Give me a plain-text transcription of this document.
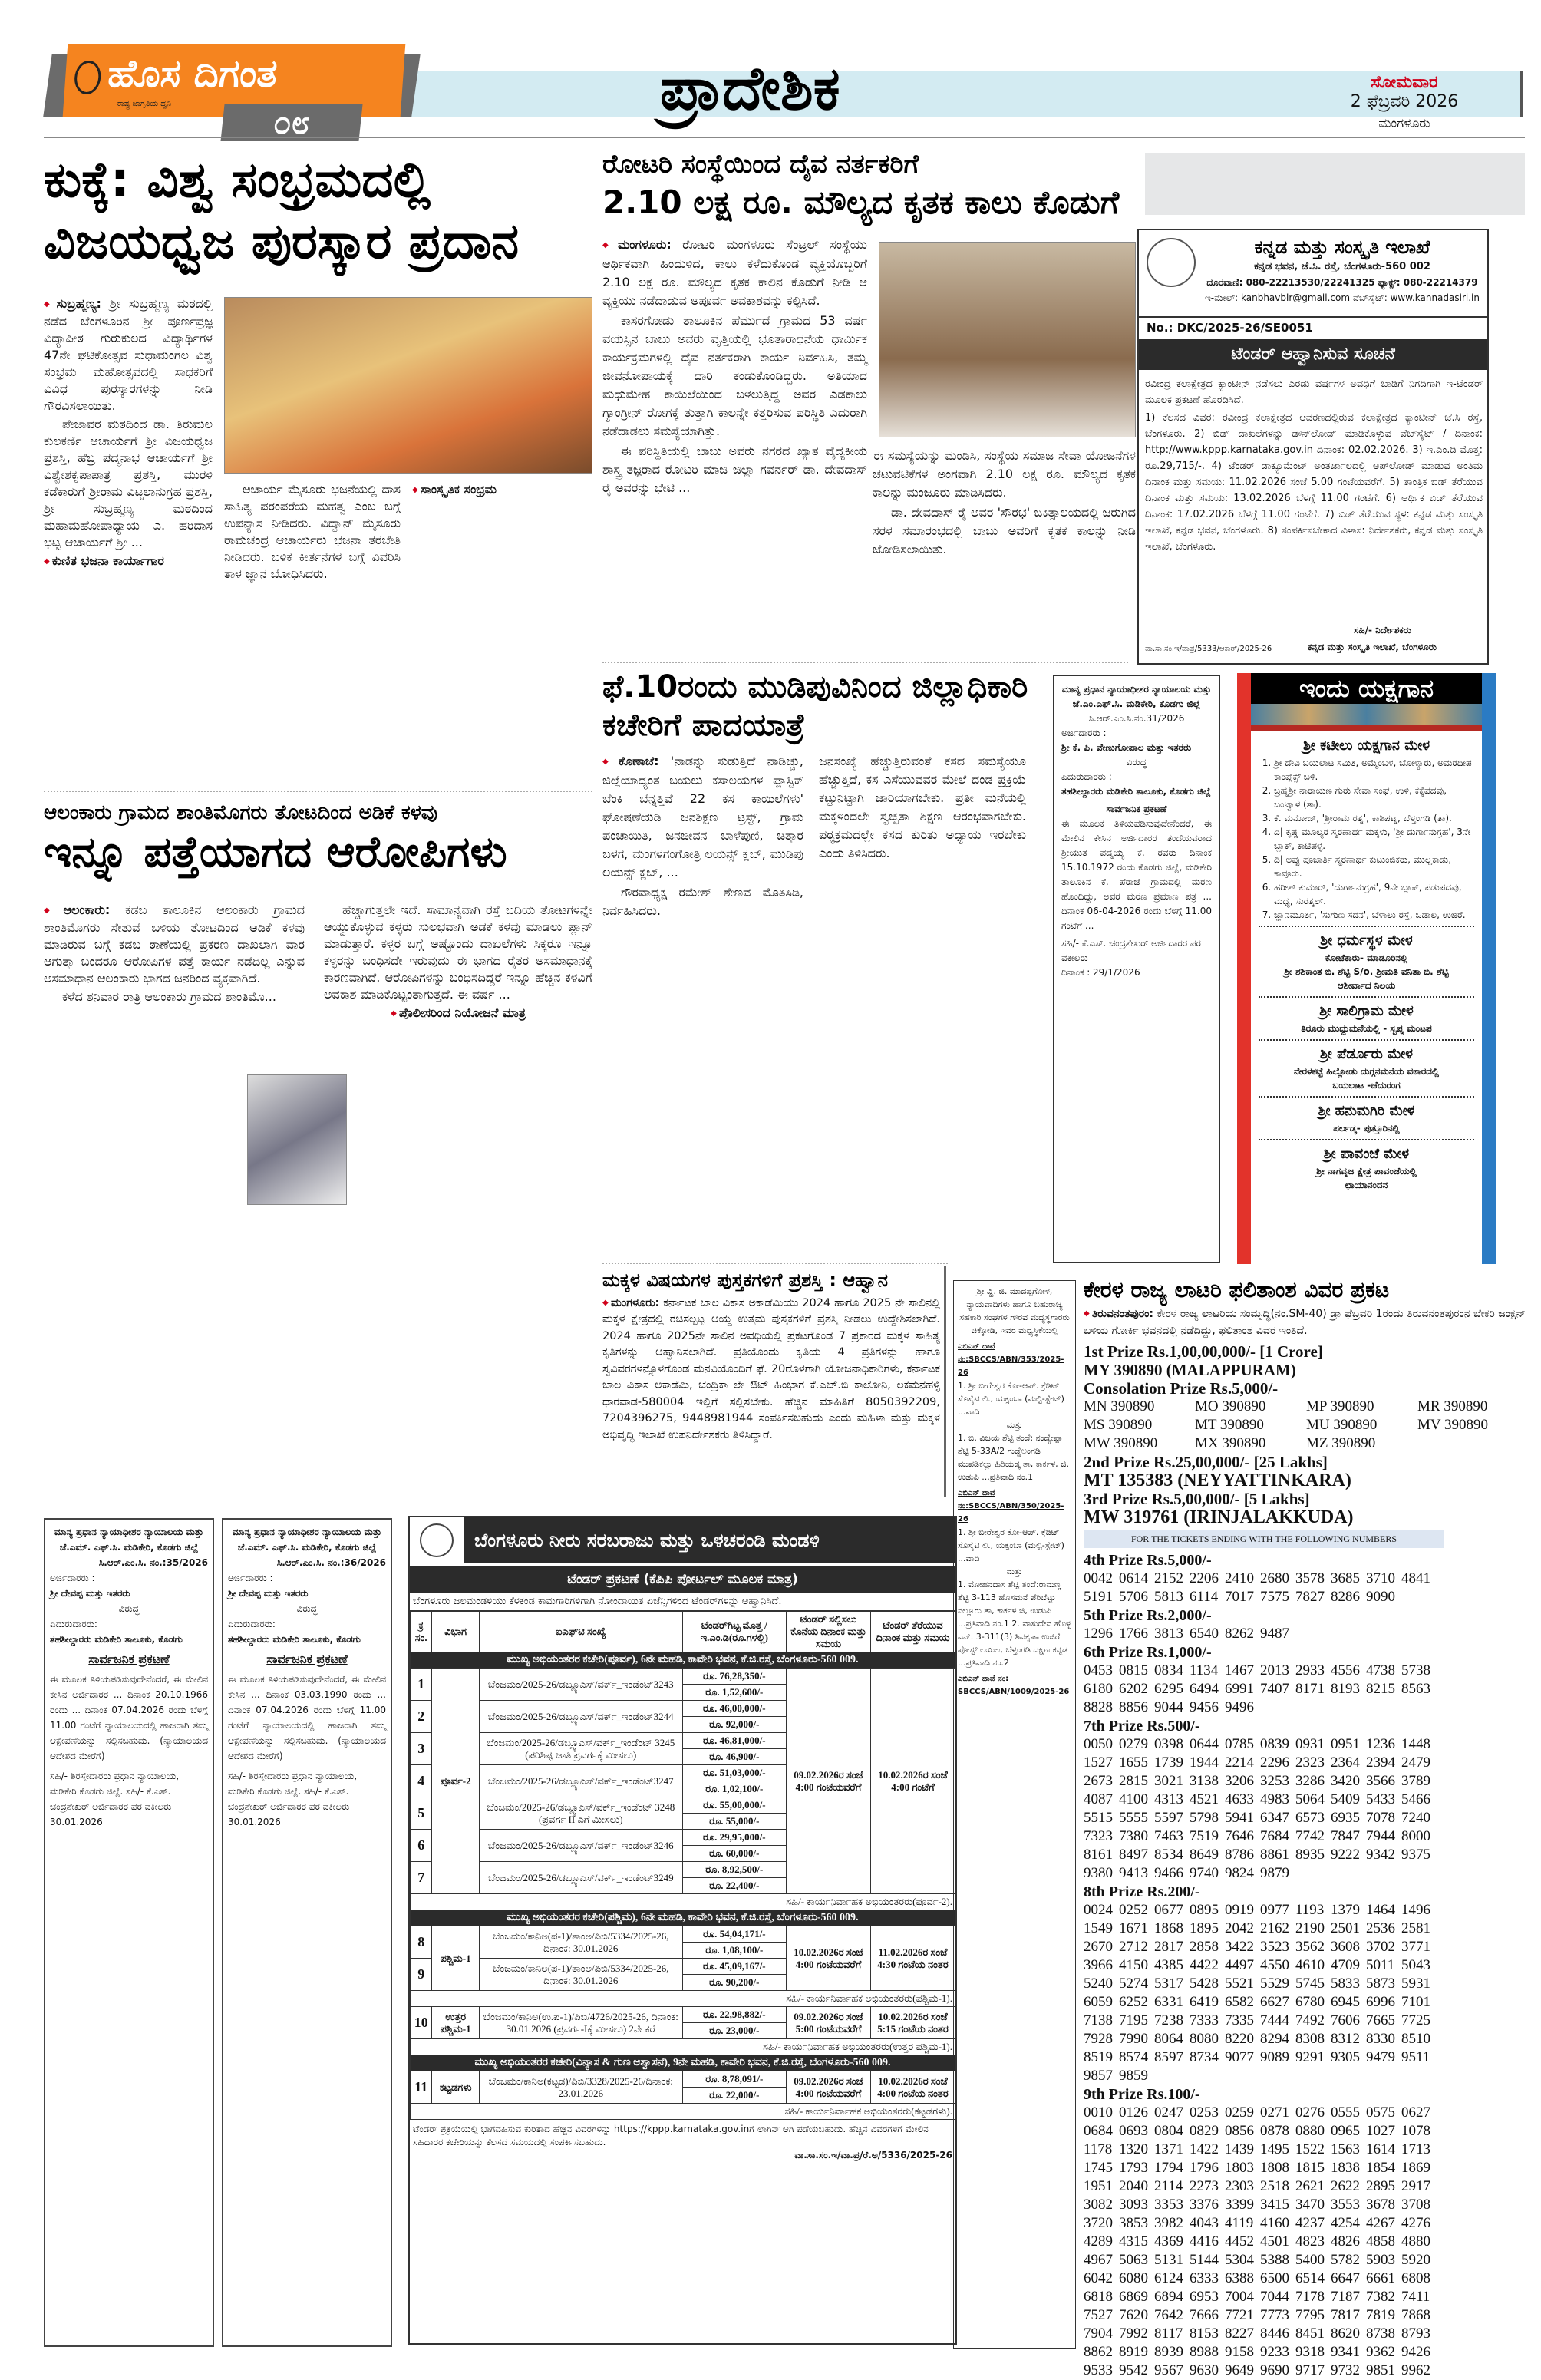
ಹೊಸ ದಿಗಂತ
ರಾಷ್ಟ್ರ ಜಾಗೃತಿಯ ಧ್ವನಿ	೦೮	ಪ್ರಾದೇಶಿಕ	ಸೋಮವಾರ
2 ಫೆಬ್ರವರಿ 2026
ಮಂಗಳೂರು
ಕುಕ್ಕೆ: ವಿಶ್ವ ಸಂಭ್ರಮದಲ್ಲಿ ವಿಜಯಧ್ವಜ ಪುರಸ್ಕಾರ ಪ್ರದಾನ

◆ ಸುಬ್ರಹ್ಮಣ್ಯ: ಶ್ರೀ ಸುಬ್ರಹ್ಮಣ್ಯ ಮಠದಲ್ಲಿ ನಡೆದ ಬೆಂಗಳೂರಿನ ಶ್ರೀ ಪೂರ್ಣಪ್ರಜ್ಞ ವಿದ್ಯಾಪೀಠ ಗುರುಕುಲದ ವಿದ್ಯಾರ್ಥಿಗಳ 47ನೇ ಘಟಿಕೋತ್ಸವ ಸುಧಾಮಂಗಲ ವಿಶ್ವ ಸಂಭ್ರಮ ಮಹೋತ್ಸವದಲ್ಲಿ ಸಾಧಕರಿಗೆ ವಿವಿಧ ಪುರಸ್ಕಾರಗಳನ್ನು ನೀಡಿ ಗೌರವಿಸಲಾಯಿತು.

ಪೇಜಾವರ ಮಠದಿಂದ ಡಾ. ತಿರುಮಲ ಕುಲಕರ್ಣಿ ಆಚಾರ್ಯಗೆ ಶ್ರೀ ವಿಜಯಧ್ವಜ ಪ್ರಶಸ್ತಿ, ಹೆಬ್ರಿ ಪದ್ಮನಾಭ ಆಚಾರ್ಯಗೆ ಶ್ರೀ ವಿಶ್ವೇಶಕೃಪಾಪಾತ್ರ ಪ್ರಶಸ್ತಿ, ಮುರಳಿ ಕಡೆಕಾರುಗೆ ಶ್ರೀರಾಮ ವಿಟ್ಠಲಾನುಗ್ರಹ ಪ್ರಶಸ್ತಿ, ಶ್ರೀ ಸುಬ್ರಹ್ಮಣ್ಯ ಮಠದಿಂದ ಮಹಾಮಹೋಪಾಧ್ಯಾಯ ಎ. ಹರಿದಾಸ ಭಟ್ಟ ಆಚಾರ್ಯಗೆ ಶ್ರೀ ...

◆ ಕುಣಿತ ಭಜನಾ ಕಾರ್ಯಾಗಾರ

ಆಚಾರ್ಯ ಮೈಸೂರು ಭಜನೆಯಲ್ಲಿ ದಾಸ ಸಾಹಿತ್ಯ ಪರಂಪರೆಯ ಮಹತ್ವ ಎಂಬ ಬಗ್ಗೆ ಉಪನ್ಯಾಸ ನೀಡಿದರು. ವಿದ್ವಾನ್ ಮೈಸೂರು ರಾಮಚಂದ್ರ ಆಚಾರ್ಯರು ಭಜನಾ ತರಬೇತಿ ನೀಡಿದರು. ಬಳಿಕ ಕೀರ್ತನೆಗಳ ಬಗ್ಗೆ ವಿವರಿಸಿ ತಾಳ ಜ್ಞಾನ ಬೋಧಿಸಿದರು.

◆ ಸಾಂಸ್ಕೃತಿಕ ಸಂಭ್ರಮ

ಆಲಂಕಾರು ಗ್ರಾಮದ ಶಾಂತಿಮೊಗರು ತೋಟದಿಂದ ಅಡಿಕೆ ಕಳವು
ಇನ್ನೂ ಪತ್ತೆಯಾಗದ ಆರೋಪಿಗಳು

◆ ಆಲಂಕಾರು: ಕಡಬ ತಾಲೂಕಿನ ಆಲಂಕಾರು ಗ್ರಾಮದ ಶಾಂತಿಮೊಗರು ಸೇತುವೆ ಬಳಿಯ ತೋಟದಿಂದ ಅಡಿಕೆ ಕಳವು ಮಾಡಿರುವ ಬಗ್ಗೆ ಕಡಬ ಠಾಣೆಯಲ್ಲಿ ಪ್ರಕರಣ ದಾಖಲಾಗಿ ವಾರ ಆಗುತ್ತಾ ಬಂದರೂ ಆರೋಪಿಗಳ ಪತ್ತೆ ಕಾರ್ಯ ನಡೆದಿಲ್ಲ ಎನ್ನುವ ಅಸಮಾಧಾನ ಆಲಂಕಾರು ಭಾಗದ ಜನರಿಂದ ವ್ಯಕ್ತವಾಗಿದೆ.

ಕಳೆದ ಶನಿವಾರ ರಾತ್ರಿ ಆಲಂಕಾರು ಗ್ರಾಮದ ಶಾಂತಿಮೊ...

ಹೆಚ್ಚಾಗುತ್ತಲೇ ಇದೆ. ಸಾಮಾನ್ಯವಾಗಿ ರಸ್ತೆ ಬದಿಯ ತೋಟಗಳನ್ನೇ ಆಯ್ದುಕೊಳ್ಳುವ ಕಳ್ಳರು ಸುಲಭವಾಗಿ ಅಡಕೆ ಕಳವು ಮಾಡಲು ಪ್ಲಾನ್ ಮಾಡುತ್ತಾರೆ. ಕಳ್ಳರ ಬಗ್ಗೆ ಅಷ್ಟೊಂದು ದಾಖಲೆಗಳು ಸಿಕ್ಕರೂ ಇನ್ನೂ ಕಳ್ಳರನ್ನು ಬಂಧಿಸದೇ ಇರುವುದು ಈ ಭಾಗದ ರೈತರ ಅಸಮಾಧಾನಕ್ಕೆ ಕಾರಣವಾಗಿದೆ. ಆರೋಪಿಗಳನ್ನು ಬಂಧಿಸದಿದ್ದರೆ ಇನ್ನೂ ಹೆಚ್ಚಿನ ಕಳವಿಗೆ ಅವಕಾಶ ಮಾಡಿಕೊಟ್ಟಂತಾಗುತ್ತದೆ. ಈ ವರ್ಷ ...

◆ ಪೊಲೀಸರಿಂದ ನಿಯೋಜನೆ ಮಾತ್ರ

ರೋಟರಿ ಸಂಸ್ಥೆಯಿಂದ ದೈವ ನರ್ತಕರಿಗೆ
2.10 ಲಕ್ಷ ರೂ. ಮೌಲ್ಯದ ಕೃತಕ ಕಾಲು ಕೊಡುಗೆ

◆ ಮಂಗಳೂರು: ರೋಟರಿ ಮಂಗಳೂರು ಸೆಂಟ್ರಲ್ ಸಂಸ್ಥೆಯು ಆರ್ಥಿಕವಾಗಿ ಹಿಂದುಳಿದ, ಕಾಲು ಕಳೆದುಕೊಂಡ ವ್ಯಕ್ತಿಯೊಬ್ಬರಿಗೆ 2.10 ಲಕ್ಷ ರೂ. ಮೌಲ್ಯದ ಕೃತಕ ಕಾಲಿನ ಕೊಡುಗೆ ನೀಡಿ ಆ ವ್ಯಕ್ತಿಯು ನಡೆದಾಡುವ ಅಪೂರ್ವ ಅವಕಾಶವನ್ನು ಕಲ್ಪಿಸಿದೆ.

ಕಾಸರಗೋಡು ತಾಲೂಕಿನ ಪೆರ್ಮುದೆ ಗ್ರಾಮದ 53 ವರ್ಷ ವಯಸ್ಸಿನ ಬಾಬು ಅವರು ವೃತ್ತಿಯಲ್ಲಿ ಭೂತಾರಾಧನೆಯ ಧಾರ್ಮಿಕ ಕಾರ್ಯಕ್ರಮಗಳಲ್ಲಿ ದೈವ ನರ್ತಕರಾಗಿ ಕಾರ್ಯ ನಿರ್ವಹಿಸಿ, ತಮ್ಮ ಜೀವನೋಪಾಯಕ್ಕೆ ದಾರಿ ಕಂಡುಕೊಂಡಿದ್ದರು. ಅತಿಯಾದ ಮಧುಮೇಹ ಕಾಯಿಲೆಯಿಂದ ಬಳಲುತ್ತಿದ್ದ ಅವರ ಎಡಕಾಲು ಗ್ಯಾಂಗ್ರೀನ್ ರೋಗಕ್ಕೆ ತುತ್ತಾಗಿ ಕಾಲನ್ನೇ ಕತ್ತರಿಸುವ ಪರಿಸ್ಥಿತಿ ಎದುರಾಗಿ ನಡೆದಾಡಲು ಸಮಸ್ಯೆಯಾಗಿತ್ತು.

ಈ ಪರಿಸ್ಥಿತಿಯಲ್ಲಿ ಬಾಬು ಅವರು ನಗರದ ಖ್ಯಾತ ವೈದ್ಯಕೀಯ ಶಾಸ್ತ್ರ ತಜ್ಞರಾದ ರೋಟರಿ ಮಾಜಿ ಜಿಲ್ಲಾ ಗವರ್ನರ್ ಡಾ. ದೇವದಾಸ್ ರೈ ಅವರನ್ನು ಭೇಟಿ ...

ಈ ಸಮಸ್ಯೆಯನ್ನು ಮಂಡಿಸಿ, ಸಂಸ್ಥೆಯ ಸಮಾಜ ಸೇವಾ ಯೋಜನೆಗಳ ಚಟುವಟಿಕೆಗಳ ಅಂಗವಾಗಿ 2.10 ಲಕ್ಷ ರೂ. ಮೌಲ್ಯದ ಕೃತಕ ಕಾಲನ್ನು ಮಂಜೂರು ಮಾಡಿಸಿದರು.

ಡಾ. ದೇವದಾಸ್ ರೈ ಅವರ 'ಸೌರಭ' ಚಿಕಿತ್ಸಾಲಯದಲ್ಲಿ ಜರುಗಿದ ಸರಳ ಸಮಾರಂಭದಲ್ಲಿ ಬಾಬು ಅವರಿಗೆ ಕೃತಕ ಕಾಲನ್ನು ನೀಡಿ ಜೋಡಿಸಲಾಯಿತು.

ಕನ್ನಡ ಮತ್ತು ಸಂಸ್ಕೃತಿ ಇಲಾಖೆ
ಕನ್ನಡ ಭವನ, ಜೆ.ಸಿ. ರಸ್ತೆ, ಬೆಂಗಳೂರು-560 002
ದೂರವಾಣಿ: 080-22213530/22241325 ಫ್ಯಾಕ್ಸ್: 080-22214379
ಇ-ಮೇಲ್: kanbhavblr@gmail.com ವೆಬ್‌ಸೈಟ್: www.kannadasiri.in
No.: DKC/2025-26/SE0051
ಟೆಂಡರ್ ಆಹ್ವಾನಿಸುವ ಸೂಚನೆ

ರವೀಂದ್ರ ಕಲಾಕ್ಷೇತ್ರದ ಕ್ಯಾಂಟೀನ್ ನಡೆಸಲು ಎರಡು ವರ್ಷಗಳ ಅವಧಿಗೆ ಬಾಡಿಗೆ ನಿಗದಿಗಾಗಿ ಇ-ಟೆಂಡರ್ ಮೂಲಕ ಪ್ರಕಟಣೆ ಹೊರಡಿಸಿದೆ.

1) ಕೆಲಸದ ವಿವರ: ರವೀಂದ್ರ ಕಲಾಕ್ಷೇತ್ರದ ಆವರಣದಲ್ಲಿರುವ ಕಲಾಕ್ಷೇತ್ರದ ಕ್ಯಾಂಟೀನ್ ಜೆ.ಸಿ ರಸ್ತೆ, ಬೆಂಗಳೂರು. 2) ಬಿಡ್ ದಾಖಲೆಗಳನ್ನು ಡೌನ್‌ಲೋಡ್ ಮಾಡಿಕೊಳ್ಳುವ ವೆಬ್‌ಸೈಟ್ / ದಿನಾಂಕ: http://www.kppp.karnataka.gov.in ದಿನಾಂಕ: 02.02.2026. 3) ಇ.ಎಂ.ಡಿ ಮೊತ್ತ: ರೂ.29,715/-. 4) ಟೆಂಡರ್ ಡಾಕ್ಯೂಮೆಂಟ್ ಅಂತರ್ಜಾಲದಲ್ಲಿ ಅಪ್‌ಲೋಡ್ ಮಾಡುವ ಅಂತಿಮ ದಿನಾಂಕ ಮತ್ತು ಸಮಯ: 11.02.2026 ಸಂಜೆ 5.00 ಗಂಟೆಯವರೆಗೆ. 5) ತಾಂತ್ರಿಕ ಬಿಡ್ ತೆರೆಯುವ ದಿನಾಂಕ ಮತ್ತು ಸಮಯ: 13.02.2026 ಬೆಳಗ್ಗೆ 11.00 ಗಂಟೆಗೆ. 6) ಆರ್ಥಿಕ ಬಿಡ್ ತೆರೆಯುವ ದಿನಾಂಕ: 17.02.2026 ಬೆಳಗ್ಗೆ 11.00 ಗಂಟೆಗೆ. 7) ಬಿಡ್ ತೆರೆಯುವ ಸ್ಥಳ: ಕನ್ನಡ ಮತ್ತು ಸಂಸ್ಕೃತಿ ಇಲಾಖೆ, ಕನ್ನಡ ಭವನ, ಬೆಂಗಳೂರು. 8) ಸಂಪರ್ಕಿಸಬೇಕಾದ ವಿಳಾಸ: ನಿರ್ದೇಶಕರು, ಕನ್ನಡ ಮತ್ತು ಸಂಸ್ಕೃತಿ ಇಲಾಖೆ, ಬೆಂಗಳೂರು.

ಸಹಿ/- ನಿರ್ದೇಶಕರು
ವಾ.ಸಾ.ಸಂ.ಇ/ವಾಪ್ರ/5333/ಆಕಾರ್/2025-26	ಕನ್ನಡ ಮತ್ತು ಸಂಸ್ಕೃತಿ ಇಲಾಖೆ, ಬೆಂಗಳೂರು
ಫೆ.10ರಂದು ಮುಡಿಪುವಿನಿಂದ ಜಿಲ್ಲಾಧಿಕಾರಿ ಕಚೇರಿಗೆ ಪಾದಯಾತ್ರೆ

◆ ಕೊಣಾಜೆ: 'ನಾಡನ್ನು ಸುಡುತ್ತಿದೆ ನಾಡಿಚ್ಚು, ಜಿಲ್ಲೆಯಾದ್ಯಂತ ಬಯಲು ಕಸಾಲಯಗಳ ಪ್ಲಾಸ್ಟಿಕ್ ಬೆಂಕಿ ಬೆನ್ನತ್ತಿವೆ 22 ಕಸ ಕಾಯಿಲೆಗಳು' ಘೋಷಣೆಯಡಿ ಜನಶಿಕ್ಷಣ ಟ್ರಸ್ಟ್, ಗ್ರಾಮ ಪಂಚಾಯಿತಿ, ಜನಜೀವನ ಬಾಳೆಪುಣಿ, ಚಿತ್ತಾರ ಬಳಗ, ಮಂಗಳಗಂಗೋತ್ರಿ ಲಯನ್ಸ್ ಕ್ಲಬ್, ಮುಡಿಪು ಲಯನ್ಸ್ ಕ್ಲಬ್, ...

ಗೌರವಾಧ್ಯಕ್ಷ ರಮೇಶ್ ಶೇಣವ ಮೊತಿಸಿಡಿ, ನಿರ್ವಹಿಸಿದರು.

ಜನಸಂಖ್ಯೆ ಹೆಚ್ಚುತ್ತಿರುವಂತೆ ಕಸದ ಸಮಸ್ಯೆಯೂ ಹೆಚ್ಚುತ್ತಿದೆ, ಕಸ ಎಸೆಯುವವರ ಮೇಲೆ ದಂಡ ಪ್ರಕ್ರಿಯೆ ಕಟ್ಟುನಿಟ್ಟಾಗಿ ಜಾರಿಯಾಗಬೇಕು. ಪ್ರತೀ ಮನೆಯಲ್ಲಿ ಮಕ್ಕಳಿಂದಲೇ ಸ್ವಚ್ಛತಾ ಶಿಕ್ಷಣ ಆರಂಭವಾಗಬೇಕು. ಪಠ್ಯಕ್ರಮದಲ್ಲೇ ಕಸದ ಕುರಿತು ಅಧ್ಯಾಯ ಇರಬೇಕು ಎಂದು ತಿಳಿಸಿದರು.

ಮಾನ್ಯ ಪ್ರಧಾನ ನ್ಯಾಯಾಧೀಶರ ನ್ಯಾಯಾಲಯ ಮತ್ತು ಜೆ.ಎಂ.ಎಫ್.ಸಿ. ಮಡಿಕೇರಿ, ಕೊಡಗು ಜಿಲ್ಲೆ
ಸಿ.ಆರ್.ಎಂ.ಸಿ.ನಂ.31/2026
ಅರ್ಜಿದಾರರು :
ಶ್ರೀ ಕೆ. ಪಿ. ವೇಣುಗೋಪಾಲ ಮತ್ತು ಇತರರು
ವಿರುದ್ಧ
ಎದುರುದಾರರು :
ತಹಶೀಲ್ದಾರರು ಮಡಿಕೇರಿ ತಾಲೂಕು, ಕೊಡಗು ಜಿಲ್ಲೆ
ಸಾರ್ವಜನಿಕ ಪ್ರಕಟಣೆ
ಈ ಮೂಲಕ ತಿಳಿಯಪಡಿಸುವುದೇನೆಂದರೆ, ಈ ಮೇಲಿನ ಕೇಸಿನ ಅರ್ಜಿದಾರರ ತಂದೆಯವರಾದ ಶ್ರೀಯುತ ಪದ್ಮಯ್ಯ ಕೆ. ರವರು ದಿನಾಂಕ 15.10.1972 ರಂದು ಕೊಡಗು ಜಿಲ್ಲೆ, ಮಡಿಕೇರಿ ತಾಲೂಕಿನ ಕೆ. ಪೆರಾಜೆ ಗ್ರಾಮದಲ್ಲಿ ಮರಣ ಹೊಂದಿದ್ದು, ಅವರ ಮರಣ ಪ್ರಮಾಣ ಪತ್ರ ... ದಿನಾಂಕ 06-04-2026 ರಂದು ಬೆಳಿಗ್ಗೆ 11.00 ಗಂಟೆಗೆ ...
ಸಹಿ/- ಕೆ.ಎಸ್. ಚಂದ್ರಶೇಖರ್ ಅರ್ಜಿದಾರರ ಪರ ವಕೀಲರು
ದಿನಾಂಕ : 29/1/2026
ಇಂದು ಯಕ್ಷಗಾನ
ಶ್ರೀ ಕಟೀಲು ಯಕ್ಷಗಾನ ಮೇಳ
1. ಶ್ರೀ ದೇವಿ ಬಯಲಾಟ ಸಮಿತಿ, ಅಮ್ಮೆಂಬಳ, ಬೋಳ್ಯಾರು, ಅಮರದೀಪ ಕಾಂಪ್ಲೆಕ್ಸ್ ಬಳಿ.
2. ಬ್ರಹ್ಮಶ್ರೀ ನಾರಾಯಣ ಗುರು ಸೇವಾ ಸಂಘ, ಉಳಿ, ಕಕ್ಕೆಪದವು, ಬಂಟ್ವಾಳ (ತಾ).
3. ಕೆ. ಮನೋಜ್, 'ಶ್ರೀರಾಮ ರತ್ನ', ಕಾಶಿಪಟ್ನ, ಬೆಳ್ತಂಗಡಿ (ತಾ).
4. ದಿ| ಕೃಷ್ಣ ಮೂಲ್ಯರ ಸ್ಮರಣಾರ್ಥ ಮಕ್ಕಳು, 'ಶ್ರೀ ದುರ್ಗಾನುಗ್ರಹ', 3ನೇ ಬ್ಲಾಕ್, ಕಾಟಿಪಳ್ಳ.
5. ದಿ| ಅಪ್ಪು ಪೂಜಾರ್ತಿ ಸ್ಮರಣಾರ್ಥ ಕುಟುಂಬಿಕರು, ಮುಲ್ಲಕಾಡು, ಕಾವೂರು.
6. ಹರೀಶ್ ಕುಮಾರ್, 'ದುರ್ಗಾನುಗ್ರಹ', 9ನೇ ಬ್ಲಾಕ್, ಪಡುಪದವು, ಮಧ್ಯ, ಸುರತ್ಕಲ್.
7. ಜ್ಞಾನಮೂರ್ತಿ, 'ಸುಗುಣ ಸದನ', ಬೆಳಾಲು ರಸ್ತೆ, ಒಡಾಲ, ಉಜಿರೆ.
ಶ್ರೀ ಧರ್ಮಸ್ಥಳ ಮೇಳ
ಕೋಟೆಕಾರು- ಮಾಡೂರಿನಲ್ಲಿ
ಶ್ರೀ ಶಶಿಕಾಂತ ಬಿ. ಶೆಟ್ಟಿ S/o. ಶ್ರೀಮತಿ ವನಿತಾ ಬಿ. ಶೆಟ್ಟಿ
ಆಶೀರ್ವಾದ ನಿಲಯ
ಶ್ರೀ ಸಾಲಿಗ್ರಾಮ ಮೇಳ
ತಿರೂರು ಮುದ್ದುಮನೆಯಲ್ಲಿ - ಸ್ವಪ್ನ ಮಂಟಪ
ಶ್ರೀ ಪೆರ್ಡೂರು ಮೇಳ
ನೇರಳಕಟ್ಟೆ ಹಿಲ್ಲೋಡು ದುಗ್ಗನಮನೆಯ ವಠಾರದಲ್ಲಿ
ಬಯಲಾಟ -ಚೆದುರಂಗ
ಶ್ರೀ ಹನುಮಗಿರಿ ಮೇಳ
ಪರ್ಲಡ್ಕ- ಪುತ್ತೂರಿನಲ್ಲಿ
ಶ್ರೀ ಪಾವಂಜೆ ಮೇಳ
ಶ್ರೀ ನಾಗವೃಜ ಕ್ಷೇತ್ರ ಪಾವಂಜೆಯಲ್ಲಿ
ಛಾಯಾನಂದನ
ಮಕ್ಕಳ ವಿಷಯಗಳ ಪುಸ್ತಕಗಳಿಗೆ ಪ್ರಶಸ್ತಿ : ಆಹ್ವಾನ

◆ ಮಂಗಳೂರು: ಕರ್ನಾಟಕ ಬಾಲ ವಿಕಾಸ ಅಕಾಡೆಮಿಯು 2024 ಹಾಗೂ 2025 ನೇ ಸಾಲಿನಲ್ಲಿ ಮಕ್ಕಳ ಕ್ಷೇತ್ರದಲ್ಲಿ ರಚಿಸಲ್ಪಟ್ಟ ಆಯ್ದ ಉತ್ತಮ ಪುಸ್ತಕಗಳಿಗೆ ಪ್ರಶಸ್ತಿ ನೀಡಲು ಉದ್ದೇಶಿಸಲಾಗಿದೆ. 2024 ಹಾಗೂ 2025ನೇ ಸಾಲಿನ ಅವಧಿಯಲ್ಲಿ ಪ್ರಕಟಗೊಂಡ 7 ಪ್ರಕಾರದ ಮಕ್ಕಳ ಸಾಹಿತ್ಯ ಕೃತಿಗಳನ್ನು ಆಹ್ವಾನಿಸಲಾಗಿದೆ. ಪ್ರತಿಯೊಂದು ಕೃತಿಯ 4 ಪ್ರತಿಗಳನ್ನು ಹಾಗೂ ಸ್ವವಿವರಗಳನ್ನೊಳಗೊಂಡ ಮನವಿಯೊಂದಿಗೆ ಫೆ. 20ರೊಳಗಾಗಿ ಯೋಜನಾಧಿಕಾರಿಗಳು, ಕರ್ನಾಟಕ ಬಾಲ ವಿಕಾಸ ಅಕಾಡೆಮಿ, ಚಂದ್ರಿಕಾ ಲೇ ಔಟ್ ಹಿಂಭಾಗ ಕೆ.ಎಚ್.ಬಿ ಕಾಲೋನಿ, ಲಕಮನಹಳ್ಳಿ ಧಾರವಾಡ-580004 ಇಲ್ಲಿಗೆ ಸಲ್ಲಿಸಬೇಕು. ಹೆಚ್ಚಿನ ಮಾಹಿತಿಗೆ 8050392209, 7204396275, 9448981944 ಸಂಪರ್ಕಿಸಬಹುದು ಎಂದು ಮಹಿಳಾ ಮತ್ತು ಮಕ್ಕಳ ಅಭಿವೃದ್ಧಿ ಇಲಾಖೆ ಉಪನಿರ್ದೇಶಕರು ತಿಳಿಸಿದ್ದಾರೆ.

ಶ್ರೀ ವ್ಹಿ. ಜಿ. ಮಾದಪ್ಪಗೋಳ, ನ್ಯಾಯವಾದಿಗಳು ಹಾಗೂ ಬಹುರಾಜ್ಯ ಸಹಕಾರಿ ಸಂಘಗಳ ಗೌರವ ಮಧ್ಯಸ್ಥಗಾರರು ಚಿಕ್ಕೋಡಿ, ಇವರ ಮಧ್ಯಸ್ಥಿಕೆಯಲ್ಲಿ
ಎಬಿಎನ್ ದಾವೆ ನಂ:SBCCS/ABN/353/2025-26
1. ಶ್ರೀ ಬೀರೇಶ್ವರ ಕೋ-ಆಪ್. ಕ್ರೆಡಿಟ್ ಸೊಸೈಟಿ ಲಿ., ಯಕ್ಸಂಬಾ (ಮಲ್ಟಿ-ಸ್ಟೇಟ್) ...ವಾದಿ
ಮತ್ತು
1. ಬಿ. ವಿಜಯ ಶೆಟ್ಟಿ ತಂದೆ: ನಂದ್ಯೇಪ್ಪಾ ಶೆಟ್ಟಿ 5-33A/2 ಗುಡ್ಡೆಅಂಗಡಿ ಮುಪಡಿಕಲ್ಲು ಹಿರಿಯಡ್ಕ ತಾ, ಕಾರ್ಕಳ, ಜಿ. ಉಡುಪಿ ...ಪ್ರತಿವಾದಿ ನಂ.1
ಎಬಿಎನ್ ದಾವೆ ನಂ:SBCCS/ABN/350/2025-26
1. ಶ್ರೀ ಬೀರೇಶ್ವರ ಕೋ-ಆಪ್. ಕ್ರೆಡಿಟ್ ಸೊಸೈಟಿ ಲಿ., ಯಕ್ಸಂಬಾ (ಮಲ್ಟಿ-ಸ್ಟೇಟ್) ...ವಾದಿ
ಮತ್ತು
1. ಮೋಹನದಾಸ ಶೆಟ್ಟಿ ತಂದೆ:ರಾಮಣ್ಣ ಶೆಟ್ಟಿ 3-113 ಹೊಸಮನೆ ಪೆರಿಬೆಟ್ಟು ನಲ್ಲೂರು ತಾ, ಕಾರ್ಕಳ ಜಿ, ಉಡುಪಿ ...ಪ್ರತಿವಾದಿ ನಂ.1 2. ವಾಸುದೇವ ಹೊಳ್ಳ ಎನ್. 3-311(3) ಶಿವಕೃಪಾ ಉಜಿರೆ ಪೋಸ್ಟ್ ಲಯಿಲ, ಬೆಳ್ತಂಗಡಿ ದಕ್ಷಿಣ ಕನ್ನಡ ...ಪ್ರತಿವಾದಿ ನಂ.2
ಎಬಿಎನ್ ದಾವೆ ನಂ: SBCCS/ABN/1009/2025-26
ಕೇರಳ ರಾಜ್ಯ ಲಾಟರಿ ಫಲಿತಾಂಶ ವಿವರ ಪ್ರಕಟ
◆ ತಿರುವನಂತಪುರಂ: ಕೇರಳ ರಾಜ್ಯ ಲಾಟರಿಯ ಸಂಮೃದ್ಧಿ(ನಂ.SM-40) ಡ್ರಾ ಫೆಬ್ರವರಿ 1ರಂದು ತಿರುವನಂತಪುರಂನ ಬೇಕರಿ ಜಂಕ್ಷನ್ ಬಳಿಯ ಗೋರ್ಕಿ ಭವನದಲ್ಲಿ ನಡೆದಿದ್ದು, ಫಲಿತಾಂಶ ವಿವರ ಇಂತಿದೆ.
1st Prize Rs.1,00,00,000/- [1 Crore]
MY 390890 (MALAPPURAM)
Consolation Prize Rs.5,000/-
MN 390890	MO 390890	MP 390890	MR 390890
MS 390890	MT 390890	MU 390890	MV 390890
MW 390890	MX 390890	MZ 390890
2nd Prize Rs.25,00,000/- [25 Lakhs]
MT 135383 (NEYYATTINKARA)
3rd Prize Rs.5,00,000/- [5 Lakhs]
MW 319761 (IRINJALAKKUDA)
FOR THE TICKETS ENDING WITH THE FOLLOWING NUMBERS
4th Prize Rs.5,000/-
0042 0614 2152 2206 2410 2680 3578 3685 3710 4841
5191 5706 5813 6114 7017 7575 7827 8286 9090
5th Prize Rs.2,000/-
1296 1766 3813 6540 8262 9487
6th Prize Rs.1,000/-
0453 0815 0834 1134 1467 2013 2933 4556 4738 5738
6180 6202 6295 6494 6991 7407 8171 8193 8215 8563
8828 8856 9044 9456 9496
7th Prize Rs.500/-
0050 0279 0398 0644 0785 0839 0931 0951 1236 1448
1527 1655 1739 1944 2214 2296 2323 2364 2394 2479
2673 2815 3021 3138 3206 3253 3286 3420 3566 3789
4087 4100 4313 4521 4633 4983 5064 5409 5433 5466
5515 5555 5597 5798 5941 6347 6573 6935 7078 7240
7323 7380 7463 7519 7646 7684 7742 7847 7944 8000
8161 8497 8534 8649 8786 8861 8935 9222 9342 9375
9380 9413 9466 9740 9824 9879
8th Prize Rs.200/-
0024 0252 0677 0895 0919 0977 1193 1379 1464 1496
1549 1671 1868 1895 2042 2162 2190 2501 2536 2581
2670 2712 2817 2858 3422 3523 3562 3608 3702 3771
3966 4150 4385 4422 4497 4550 4610 4709 5011 5043
5240 5274 5317 5428 5521 5529 5745 5833 5873 5931
6059 6252 6331 6419 6582 6627 6780 6945 6996 7101
7138 7195 7238 7333 7335 7444 7492 7606 7665 7725
7928 7990 8064 8080 8220 8294 8308 8312 8330 8510
8519 8574 8597 8734 9077 9089 9291 9305 9479 9511
9857 9859
9th Prize Rs.100/-
0010 0126 0247 0253 0259 0271 0276 0555 0575 0627
0684 0693 0804 0829 0856 0878 0880 0965 1027 1078
1178 1320 1371 1422 1439 1495 1522 1563 1614 1713
1745 1793 1794 1796 1803 1808 1815 1838 1854 1869
1951 2040 2114 2273 2303 2518 2621 2622 2895 2917
3082 3093 3353 3376 3399 3415 3470 3553 3678 3708
3720 3853 3982 4043 4119 4160 4237 4254 4267 4276
4289 4315 4369 4416 4452 4501 4823 4826 4858 4880
4967 5063 5131 5144 5304 5388 5400 5782 5903 5920
6042 6080 6124 6333 6388 6500 6514 6647 6661 6808
6818 6869 6894 6953 7004 7044 7178 7187 7382 7411
7527 7620 7642 7666 7721 7773 7795 7817 7819 7868
7904 7992 8117 8153 8227 8446 8451 8620 8738 8793
8862 8919 8939 8988 9158 9233 9318 9341 9362 9426
9533 9542 9567 9630 9649 9690 9717 9732 9851 9962
ಮಾನ್ಯ ಪ್ರಧಾನ ನ್ಯಾಯಾಧೀಶರ ನ್ಯಾಯಾಲಯ ಮತ್ತು ಜೆ.ಎಮ್. ಎಫ್.ಸಿ. ಮಡಿಕೇರಿ, ಕೊಡಗು ಜಿಲ್ಲೆ
ಸಿ.ಆರ್.ಎಂ.ಸಿ. ನಂ.:35/2026
ಅರ್ಜಿದಾರರು :
ಶ್ರೀ ದೇವಪ್ಪ ಮತ್ತು ಇತರರು
ವಿರುದ್ಧ
ಎದುರುದಾರರು:
ತಹಶೀಲ್ದಾರರು ಮಡಿಕೇರಿ ತಾಲೂಕು, ಕೊಡಗು
ಸಾರ್ವಜನಿಕ ಪ್ರಕಟಣೆ
ಈ ಮೂಲಕ ತಿಳಿಯಪಡಿಸುವುದೇನೆಂದರೆ, ಈ ಮೇಲಿನ ಕೇಸಿನ ಅರ್ಜಿದಾರರ ... ದಿನಾಂಕ 20.10.1966 ರಂದು ... ದಿನಾಂಕ 07.04.2026 ರಂದು ಬೆಳಿಗ್ಗೆ 11.00 ಗಂಟೆಗೆ ನ್ಯಾಯಾಲಯದಲ್ಲಿ ಹಾಜರಾಗಿ ತಮ್ಮ ಆಕ್ಷೇಪಣೆಯನ್ನು ಸಲ್ಲಿಸಬಹುದು. (ನ್ಯಾಯಾಲಯದ ಆದೇಶದ ಮೇರೆಗೆ)
ಸಹಿ/- ಶಿರಸ್ತೇದಾರರು ಪ್ರಧಾನ ನ್ಯಾಯಾಲಯ, ಮಡಿಕೇರಿ ಕೊಡಗು ಜಿಲ್ಲೆ. ಸಹಿ/- ಕೆ.ಎಸ್. ಚಂದ್ರಶೇಖರ್ ಅರ್ಜಿದಾರರ ಪರ ವಕೀಲರು
30.01.2026
ಮಾನ್ಯ ಪ್ರಧಾನ ನ್ಯಾಯಾಧೀಶರ ನ್ಯಾಯಾಲಯ ಮತ್ತು ಜೆ.ಎಮ್. ಎಫ್.ಸಿ. ಮಡಿಕೇರಿ, ಕೊಡಗು ಜಿಲ್ಲೆ
ಸಿ.ಆರ್.ಎಂ.ಸಿ. ನಂ.:36/2026
ಅರ್ಜಿದಾರರು :
ಶ್ರೀ ದೇವಪ್ಪ ಮತ್ತು ಇತರರು
ವಿರುದ್ಧ
ಎದುರುದಾರರು:
ತಹಶೀಲ್ದಾರರು ಮಡಿಕೇರಿ ತಾಲೂಕು, ಕೊಡಗು
ಸಾರ್ವಜನಿಕ ಪ್ರಕಟಣೆ
ಈ ಮೂಲಕ ತಿಳಿಯಪಡಿಸುವುದೇನೆಂದರೆ, ಈ ಮೇಲಿನ ಕೇಸಿನ ... ದಿನಾಂಕ 03.03.1990 ರಂದು ... ದಿನಾಂಕ 07.04.2026 ರಂದು ಬೆಳಿಗ್ಗೆ 11.00 ಗಂಟೆಗೆ ನ್ಯಾಯಾಲಯದಲ್ಲಿ ಹಾಜರಾಗಿ ತಮ್ಮ ಆಕ್ಷೇಪಣೆಯನ್ನು ಸಲ್ಲಿಸಬಹುದು. (ನ್ಯಾಯಾಲಯದ ಆದೇಶದ ಮೇರೆಗೆ)
ಸಹಿ/- ಶಿರಸ್ತೇದಾರರು ಪ್ರಧಾನ ನ್ಯಾಯಾಲಯ, ಮಡಿಕೇರಿ ಕೊಡಗು ಜಿಲ್ಲೆ. ಸಹಿ/- ಕೆ.ಎಸ್. ಚಂದ್ರಶೇಖರ್ ಅರ್ಜಿದಾರರ ಪರ ವಕೀಲರು
30.01.2026
ಬೆಂಗಳೂರು ನೀರು ಸರಬರಾಜು ಮತ್ತು ಒಳಚರಂಡಿ ಮಂಡಳಿ
ಟೆಂಡರ್ ಪ್ರಕಟಣೆ (ಕೆಪಿಪಿ ಪೋರ್ಟಲ್ ಮೂಲಕ ಮಾತ್ರ)
ಬೆಂಗಳೂರು ಜಲಮಂಡಳಿಯು ಕೆಳಕಂಡ ಕಾಮಗಾರಿಗಳಿಗಾಗಿ ನೋಂದಾಯಿತ ಏಜೆನ್ಸಿಗಳಿಂದ ಟೆಂಡರ್‌ಗಳನ್ನು ಆಹ್ವಾನಿಸಿದೆ.
ಕ್ರ ಸಂ.	ವಿಭಾಗ	ಐಎಫ್‌ಟಿ ಸಂಖ್ಯೆ	ಟೆಂಡರ್‌ಗಿಟ್ಟ ಮೊತ್ತ / ಇ.ಎಂ.ಡಿ(ರೂ.ಗಳಲ್ಲಿ)	ಟೆಂಡರ್ ಸಲ್ಲಿಸಲು ಕೊನೆಯ ದಿನಾಂಕ ಮತ್ತು ಸಮಯ	ಟೆಂಡರ್ ತೆರೆಯುವ ದಿನಾಂಕ ಮತ್ತು ಸಮಯ
ಮುಖ್ಯ ಅಭಿಯಂತರರ ಕಚೇರಿ(ಪೂರ್ವ), 6ನೇ ಮಹಡಿ, ಕಾವೇರಿ ಭವನ, ಕೆ.ಜಿ.ರಸ್ತೆ, ಬೆಂಗಳೂರು-560 009.					
1	ಪೂರ್ವ-2	ಬೆಂಜಮಂ/2025-26/ಡಬ್ಲ್ಯೂಎಸ್/ವರ್ಕ್_ಇಂಡೆಂಟ್3243	ರೂ. 76,28,350/-	09.02.2026ರ ಸಂಜೆ 4:00 ಗಂಟೆಯವರೆಗೆ	10.02.2026ರ ಸಂಜೆ 4:00 ಗಂಟೆಗೆ
			ರೂ. 1,52,600/-		
2		ಬೆಂಜಮಂ/2025-26/ಡಬ್ಲ್ಯೂಎಸ್/ವರ್ಕ್_ಇಂಡೆಂಟ್3244	ರೂ. 46,00,000/-		
			ರೂ. 92,000/-		
3		ಬೆಂಜಮಂ/2025-26/ಡಬ್ಲ್ಯೂಎಸ್/ವರ್ಕ್_ಇಂಡೆಂಟ್ 3245 (ಪರಿಶಿಷ್ಟ ಜಾತಿ ಪ್ರವರ್ಗಕ್ಕೆ ಮೀಸಲು)	ರೂ. 46,81,000/-		
			ರೂ. 46,900/-		
4		ಬೆಂಜಮಂ/2025-26/ಡಬ್ಲ್ಯೂಎಸ್/ವರ್ಕ್_ಇಂಡೆಂಟ್3247	ರೂ. 51,03,000/-		
			ರೂ. 1,02,100/-		
5		ಬೆಂಜಮಂ/2025-26/ಡಬ್ಲ್ಯೂಎಸ್/ವರ್ಕ್_ಇಂಡೆಂಟ್ 3248 (ಪ್ರವರ್ಗ II ಎಗೆ ಮೀಸಲು)	ರೂ. 55,00,000/-		
			ರೂ. 55,000/-		
6		ಬೆಂಜಮಂ/2025-26/ಡಬ್ಲ್ಯೂಎಸ್/ವರ್ಕ್_ಇಂಡೆಂಟ್3246	ರೂ. 29,95,000/-		
			ರೂ. 60,000/-		
7		ಬೆಂಜಮಂ/2025-26/ಡಬ್ಲ್ಯೂಎಸ್/ವರ್ಕ್_ಇಂಡೆಂಟ್3249	ರೂ. 8,92,500/-		
			ರೂ. 22,400/-		
ಸಹಿ/- ಕಾರ್ಯನಿರ್ವಾಹಕ ಅಭಿಯಂತರರು(ಪೂರ್ವ-2).					
ಮುಖ್ಯ ಅಭಿಯಂತರರ ಕಚೇರಿ(ಪಶ್ಚಿಮ), 6ನೇ ಮಹಡಿ, ಕಾವೇರಿ ಭವನ, ಕೆ.ಜಿ.ರಸ್ತೆ, ಬೆಂಗಳೂರು-560 009.					
8	ಪಶ್ಚಿಮ-1	ಬೆಂಜಮಂ/ಕಾನಿಅ(ಪ-1)/ತಾಂಅ/ಪಿಬಿ/5334/2025-26, ದಿನಾಂಕ: 30.01.2026	ರೂ. 54,04,171/-	10.02.2026ರ ಸಂಜೆ 4:00 ಗಂಟೆಯವರೆಗೆ	11.02.2026ರ ಸಂಜೆ 4:30 ಗಂಟೆಯ ನಂತರ
			ರೂ. 1,08,100/-		
9		ಬೆಂಜಮಂ/ಕಾನಿಅ(ಪ-1)/ತಾಂಅ/ಪಿಬಿ/5334/2025-26, ದಿನಾಂಕ: 30.01.2026	ರೂ. 45,09,167/-		
			ರೂ. 90,200/-		
ಸಹಿ/- ಕಾರ್ಯನಿರ್ವಾಹಕ ಅಭಿಯಂತರರು(ಪಶ್ಚಿಮ-1).					
10	ಉತ್ತರ ಪಶ್ಚಿಮ-1	ಬೆಂಜಮಂ/ಕಾನಿಅ(ಉ.ಪ-1)/ಪಿಬಿ/4726/2025-26, ದಿನಾಂಕ: 30.01.2026 (ಪ್ರವರ್ಗ-Iಕ್ಕೆ ಮೀಸಲು) 2ನೇ ಕರೆ	ರೂ. 22,98,882/-	09.02.2026ರ ಸಂಜೆ 5:00 ಗಂಟೆಯವರೆಗೆ	10.02.2026ರ ಸಂಜೆ 5:15 ಗಂಟೆಯ ನಂತರ
			ರೂ. 23,000/-		
ಸಹಿ/- ಕಾರ್ಯನಿರ್ವಾಹಕ ಅಭಿಯಂತರರು(ಉತ್ತರ ಪಶ್ಚಿಮ-1).					
ಮುಖ್ಯ ಅಭಿಯಂತರರ ಕಚೇರಿ(ವಿನ್ಯಾಸ & ಗುಣ ಆಶ್ವಾಸನೆ), 9ನೇ ಮಹಡಿ, ಕಾವೇರಿ ಭವನ, ಕೆ.ಜಿ.ರಸ್ತೆ, ಬೆಂಗಳೂರು-560 009.					
11	ಕಟ್ಟಡಗಳು	ಬೆಂಜಮಂ/ಕಾನಿಅ(ಕಟ್ಟಡ)/ಪಿಬಿ/3328/2025-26/ದಿನಾಂಕ: 23.01.2026	ರೂ. 8,78,091/-	09.02.2026ರ ಸಂಜೆ 4:00 ಗಂಟೆಯವರೆಗೆ	10.02.2026ರ ಸಂಜೆ 4:00 ಗಂಟೆಯ ನಂತರ
			ರೂ. 22,000/-		
ಸಹಿ/- ಕಾರ್ಯನಿರ್ವಾಹಕ ಅಭಿಯಂತರರು(ಕಟ್ಟಡಗಳು).					
ಟೆಂಡರ್ ಪ್ರಕ್ರಿಯೆಯಲ್ಲಿ ಭಾಗವಹಿಸುವ ಕುರಿತಾದ ಹೆಚ್ಚಿನ ವಿವರಗಳನ್ನು https://kppp.karnataka.gov.inಗೆ ಲಾಗಿನ್ ಆಗಿ ಪಡೆಯಬಹುದು. ಹೆಚ್ಚಿನ ವಿವರಗಳಿಗೆ ಮೇಲಿನ ಸಹಿದಾರರ ಕಚೇರಿಯನ್ನು ಕೆಲಸದ ಸಮಯದಲ್ಲಿ ಸಂಪರ್ಕಿಸಬಹುದು.
ವಾ.ಸಾ.ಸಂ.ಇ/ವಾ.ಪ್ರ/ರೆ.ಅ/5336/2025-26
